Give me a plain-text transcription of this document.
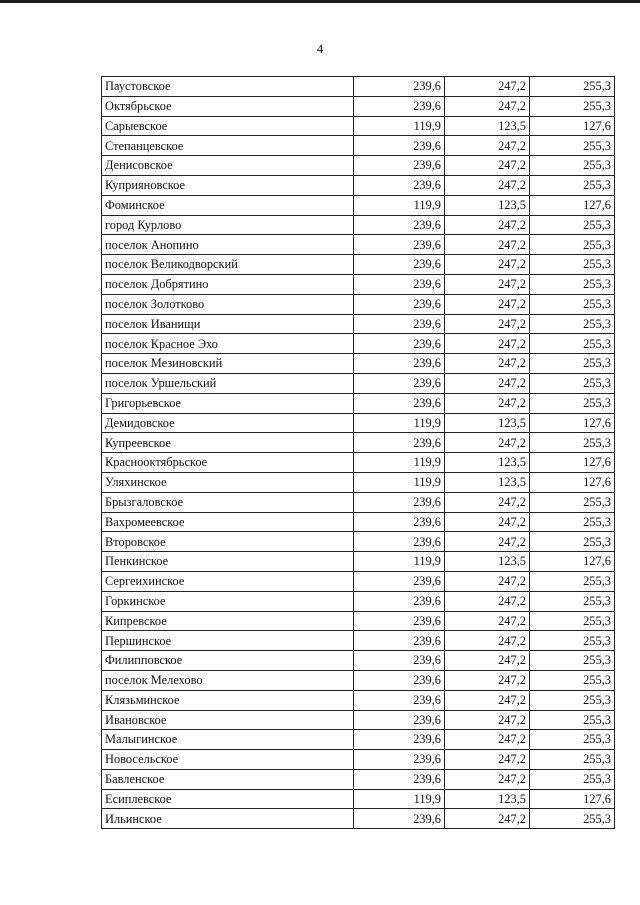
4
Паустовское	239,6	247,2	255,3
Октябрьское	239,6	247,2	255,3
Сарыевское	119,9	123,5	127,6
Степанцевское	239,6	247,2	255,3
Денисовское	239,6	247,2	255,3
Куприяновское	239,6	247,2	255,3
Фоминское	119,9	123,5	127,6
город Курлово	239,6	247,2	255,3
поселок Анопино	239,6	247,2	255,3
поселок Великодворский	239,6	247,2	255,3
поселок Добрятино	239,6	247,2	255,3
поселок Золотково	239,6	247,2	255,3
поселок Иванищи	239,6	247,2	255,3
поселок Красное Эхо	239,6	247,2	255,3
поселок Мезиновский	239,6	247,2	255,3
поселок Уршельский	239,6	247,2	255,3
Григорьевское	239,6	247,2	255,3
Демидовское	119,9	123,5	127,6
Купреевское	239,6	247,2	255,3
Краснооктябрьское	119,9	123,5	127,6
Уляхинское	119,9	123,5	127,6
Брызгаловское	239,6	247,2	255,3
Вахромеевское	239,6	247,2	255,3
Второвское	239,6	247,2	255,3
Пенкинское	119,9	123,5	127,6
Сергеихинское	239,6	247,2	255,3
Горкинское	239,6	247,2	255,3
Кипревское	239,6	247,2	255,3
Першинское	239,6	247,2	255,3
Филипповское	239,6	247,2	255,3
поселок Мелехово	239,6	247,2	255,3
Клязьминское	239,6	247,2	255,3
Ивановское	239,6	247,2	255,3
Малыгинское	239,6	247,2	255,3
Новосельское	239,6	247,2	255,3
Бавленское	239,6	247,2	255,3
Есиплевское	119,9	123,5	127,6
Ильинское	239,6	247,2	255,3
